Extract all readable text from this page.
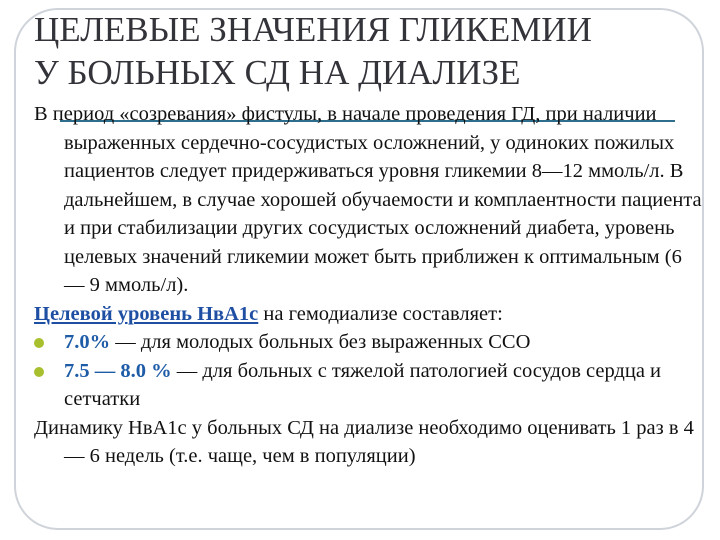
ЦЕЛЕВЫЕ ЗНАЧЕНИЯ ГЛИКЕМИИ
У БОЛЬНЫХ СД НА ДИАЛИЗЕ

В период «созревания» фистулы, в начале проведения ГД, при наличии выраженных сердечно-сосудистых осложнений, у одиноких пожилых пациентов следует придерживаться уровня гликемии 8—12 ммоль/л. В дальнейшем, в случае хорошей обучаемости и комплаентности пациента и при стабилизации других сосудистых осложнений диабета, уровень целевых значений гликемии может быть приближен к оптимальным (6 — 9 ммоль/л).

Целевой уровень НвА1с на гемодиализе составляет:

7.0% — для молодых больных без выраженных ССО

7.5 — 8.0 % — для больных с тяжелой патологией сосудов сердца и сетчатки

Динамику НвА1с у больных СД на диализе необходимо оценивать 1 раз в 4 — 6 недель (т.е. чаще, чем в популяции)
